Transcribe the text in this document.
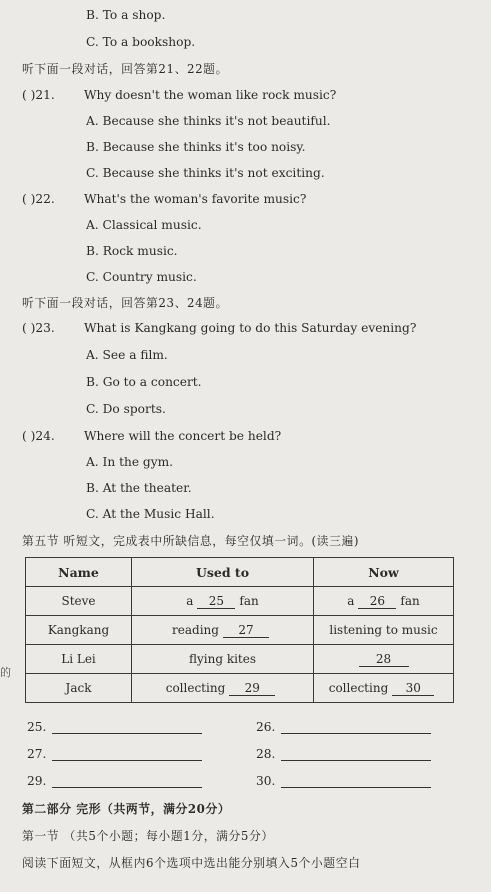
B. To a shop.
C. To a bookshop.
听下面一段对话，回答第21、22题。
( )21. Why doesn't the woman like rock music?
A. Because she thinks it's not beautiful.
B. Because she thinks it's too noisy.
C. Because she thinks it's not exciting.
( )22. What's the woman's favorite music?
A. Classical music.
B. Rock music.
C. Country music.
听下面一段对话，回答第23、24题。
( )23. What is Kangkang going to do this Saturday evening?
A. See a film.
B. Go to a concert.
C. Do sports.
( )24. Where will the concert be held?
A. In the gym.
B. At the theater.
C. At the Music Hall.
第五节 听短文，完成表中所缺信息，每空仅填一词。(读三遍)
的
Name	Used to	Now
Steve	a 25 fan	a 26 fan
Kangkang	reading 27	listening to music
Li Lei	flying kites	28
Jack	collecting 29	collecting 30
25.	26.
27.	28.
29.	30.
第二部分 完形（共两节，满分20分）
第一节 （共5个小题；每小题1分，满分5分）
阅读下面短文，从框内6个选项中选出能分别填入5个小题空白
